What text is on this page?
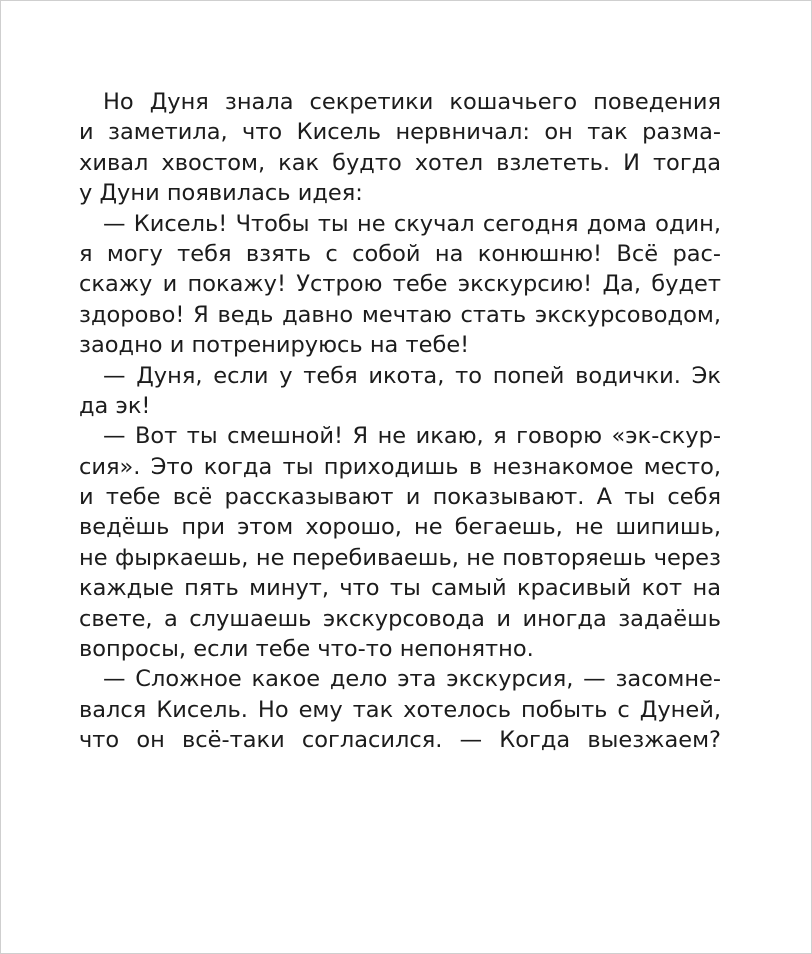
Но Дуня знала секретики кошачьего поведения
и заметила, что Кисель нервничал: он так разма-
хивал хвостом, как будто хотел взлететь. И тогда
у Дуни появилась идея:
— Кисель! Чтобы ты не скучал сегодня дома один,
я могу тебя взять с собой на конюшню! Всё рас-
скажу и покажу! Устрою тебе экскурсию! Да, будет
здорово! Я ведь давно мечтаю стать экскурсоводом,
заодно и потренируюсь на тебе!
— Дуня, если у тебя икота, то попей водички. Эк
да эк!
— Вот ты смешной! Я не икаю, я говорю «эк-скур-
сия». Это когда ты приходишь в незнакомое место,
и тебе всё рассказывают и показывают. А ты себя
ведёшь при этом хорошо, не бегаешь, не шипишь,
не фыркаешь, не перебиваешь, не повторяешь через
каждые пять минут, что ты самый красивый кот на
свете, а слушаешь экскурсовода и иногда задаёшь
вопросы, если тебе что-то непонятно.
— Сложное какое дело эта экскурсия, — засомне-
вался Кисель. Но ему так хотелось побыть с Дуней,
что он всё-таки согласился. — Когда выезжаем?
